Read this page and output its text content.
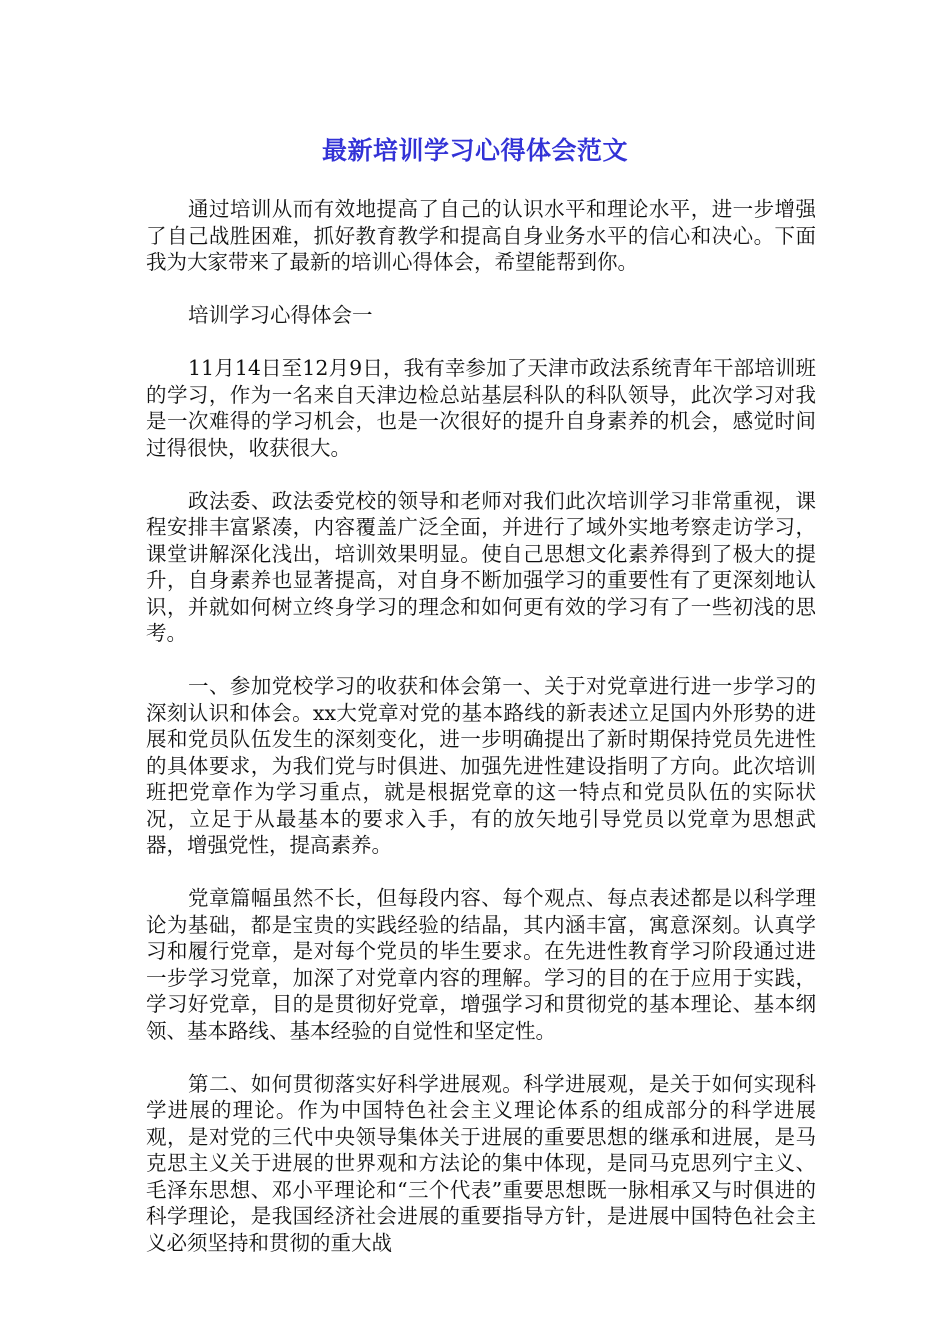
最新培训学习心得体会范文

通过培训从而有效地提高了自己的认识水平和理论水平，进一步增强了自己战胜困难，抓好教育教学和提高自身业务水平的信心和决心。下面我为大家带来了最新的培训心得体会，希望能帮到你。

培训学习心得体会一

11月14日至12月9日，我有幸参加了天津市政法系统青年干部培训班的学习，作为一名来自天津边检总站基层科队的科队领导，此次学习对我是一次难得的学习机会，也是一次很好的提升自身素养的机会，感觉时间过得很快，收获很大。

政法委、政法委党校的领导和老师对我们此次培训学习非常重视，课程安排丰富紧凑，内容覆盖广泛全面，并进行了域外实地考察走访学习，课堂讲解深化浅出，培训效果明显。使自己思想文化素养得到了极大的提升，自身素养也显著提高，对自身不断加强学习的重要性有了更深刻地认识，并就如何树立终身学习的理念和如何更有效的学习有了一些初浅的思考。

一、参加党校学习的收获和体会第一、关于对党章进行进一步学习的深刻认识和体会。xx大党章对党的基本路线的新表述立足国内外形势的进展和党员队伍发生的深刻变化，进一步明确提出了新时期保持党员先进性的具体要求，为我们党与时俱进、加强先进性建设指明了方向。此次培训班把党章作为学习重点，就是根据党章的这一特点和党员队伍的实际状况，立足于从最基本的要求入手，有的放矢地引导党员以党章为思想武器，增强党性，提高素养。

党章篇幅虽然不长，但每段内容、每个观点、每点表述都是以科学理论为基础，都是宝贵的实践经验的结晶，其内涵丰富，寓意深刻。认真学习和履行党章，是对每个党员的毕生要求。在先进性教育学习阶段通过进一步学习党章，加深了对党章内容的理解。学习的目的在于应用于实践，学习好党章，目的是贯彻好党章，增强学习和贯彻党的基本理论、基本纲领、基本路线、基本经验的自觉性和坚定性。

第二、如何贯彻落实好科学进展观。科学进展观，是关于如何实现科学进展的理论。作为中国特色社会主义理论体系的组成部分的科学进展观，是对党的三代中央领导集体关于进展的重要思想的继承和进展，是马克思主义关于进展的世界观和方法论的集中体现，是同马克思列宁主义、毛泽东思想、邓小平理论和“三个代表”重要思想既一脉相承又与时俱进的科学理论，是我国经济社会进展的重要指导方针，是进展中国特色社会主义必须坚持和贯彻的重大战
